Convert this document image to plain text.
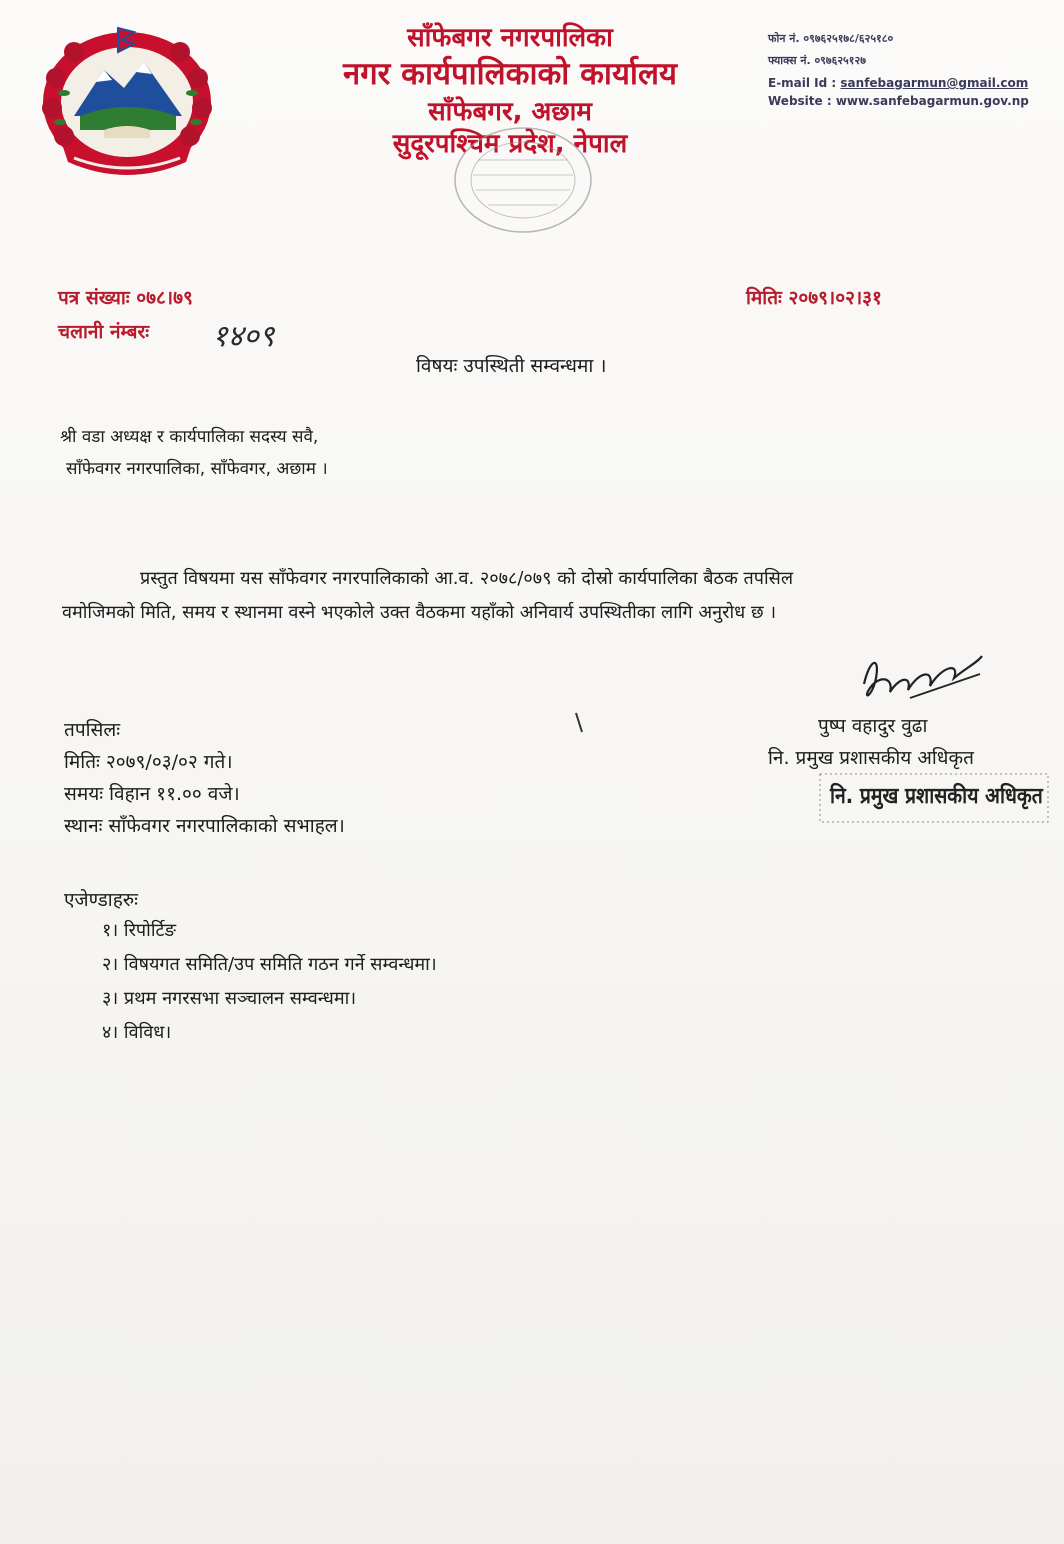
साँफेबगर नगरपालिका
नगर कार्यपालिकाको कार्यालय
साँफेबगर, अछाम
सुदूरपश्चिम प्रदेश, नेपाल
फोन नं. ०९७६२५१७८/६२५१८०
फ्याक्स नं. ०९७६२५१२७
E-mail Id : sanfebagarmun@gmail.com
Website : www.sanfebagarmun.gov.np
पत्र संख्याः ०७८।७९
चलानी नंम्बरः १४०९
मितिः २०७९।०२।३१
विषयः उपस्थिती सम्वन्धमा ।
श्री वडा अध्यक्ष र कार्यपालिका सदस्य सवै,
साँफेवगर नगरपालिका, साँफेवगर, अछाम ।
प्रस्तुत विषयमा यस साँफेवगर नगरपालिकाको आ.व. २०७८/०७९ को दोस्रो कार्यपालिका बैठक तपसिल
वमोजिमको मिति, समय र स्थानमा वस्ने भएकोले उक्त वैठकमा यहाँको अनिवार्य उपस्थितीका लागि अनुरोध छ ।
तपसिलः
मितिः २०७९/०३/०२ गते।
समयः विहान ११.०० वजे।
स्थानः साँफेवगर नगरपालिकाको सभाहल।
पुष्प वहादुर वुढा
नि. प्रमुख प्रशासकीय अधिकृत
नि. प्रमुख प्रशासकीय अधिकृत
एजेण्डाहरुः
१। रिपोर्टिङ
२। विषयगत समिति/उप समिति गठन गर्ने सम्वन्धमा।
३। प्रथम नगरसभा सञ्चालन सम्वन्धमा।
४। विविध।
